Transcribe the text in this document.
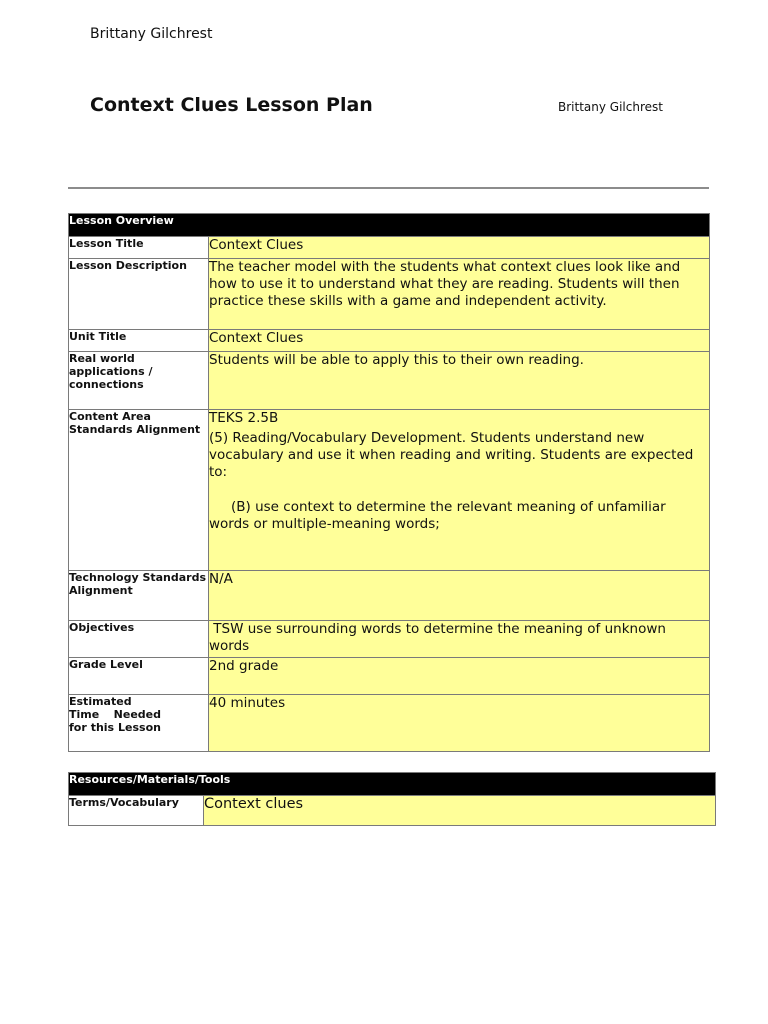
Brittany Gilchrest
Context Clues Lesson Plan	Brittany Gilchrest
Lesson Overview	
Lesson Title	Context Clues
Lesson Description	The teacher model with the students what context clues look like and how to use it to understand what they are reading. Students will then practice these skills with a game and independent activity.
Unit Title	Context Clues
Real world applications / connections	Students will be able to apply this to their own reading.
Content Area Standards Alignment	TEKS 2.5B

(5) Reading/Vocabulary Development. Students understand new vocabulary and use it when reading and writing. Students are expected to:

(B) use context to determine the relevant meaning of unfamiliar words or multiple-meaning words;

Technology Standards Alignment	N/A
Objectives	TSW use surrounding words to determine the meaning of unknown words
Grade Level	2nd grade

Estimated Time Needed for this Lesson	40 minutes
Resources/Materials/Tools
Terms/Vocabulary	Context clues
